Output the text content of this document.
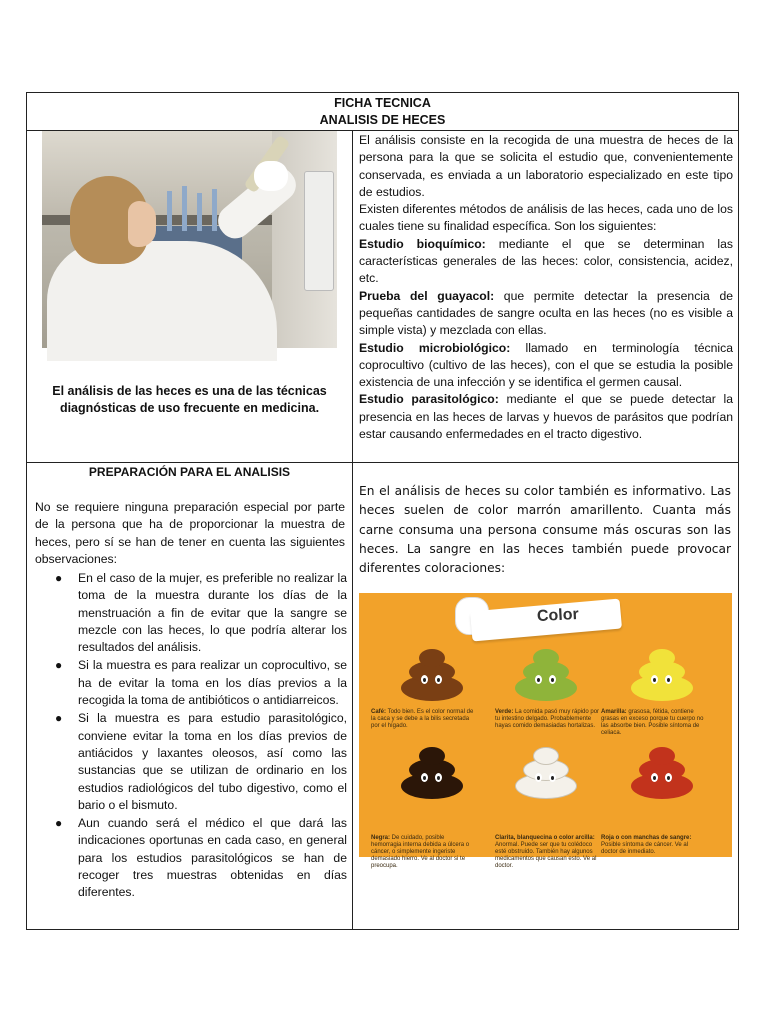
FICHA TECNICA
ANALISIS DE HECES
El análisis de las heces es una de las técnicas diagnósticas de uso frecuente en medicina.

El análisis consiste en la recogida de una muestra de heces de la persona para la que se solicita el estudio que, convenientemente conservada, es enviada a un laboratorio especializado en este tipo de estudios.

Existen diferentes métodos de análisis de las heces, cada uno de los cuales tiene su finalidad específica. Son los siguientes:

Estudio bioquímico: mediante el que se determinan las características generales de las heces: color, consistencia, acidez, etc.

Prueba del guayacol: que permite detectar la presencia de pequeñas cantidades de sangre oculta en las heces (no es visible a simple vista) y mezclada con ellas.

Estudio microbiológico: llamado en terminología técnica coprocultivo (cultivo de las heces), con el que se estudia la posible existencia de una infección y se identifica el germen causal.

Estudio parasitológico: mediante el que se puede detectar la presencia en las heces de larvas y huevos de parásitos que podrían estar causando enfermedades en el tracto digestivo.

PREPARACIÓN PARA EL ANALISIS
No se requiere ninguna preparación especial por parte de la persona que ha de proporcionar la muestra de heces, pero sí se han de tener en cuenta las siguientes observaciones:
● En el caso de la mujer, es preferible no realizar la toma de la muestra durante los días de la menstruación a fin de evitar que la sangre se mezcle con las heces, lo que podría alterar los resultados del análisis.
● Si la muestra es para realizar un coprocultivo, se ha de evitar la toma en los días previos a la recogida la toma de antibióticos o antidiarreicos.
● Si la muestra es para estudio parasitológico, conviene evitar la toma en los días previos de antiácidos y laxantes oleosos, así como las sustancias que se utilizan de ordinario en los estudios radiológicos del tubo digestivo, como el bario o el bismuto.
● Aun cuando será el médico el que dará las indicaciones oportunas en cada caso, en general para los estudios parasitológicos se han de recoger tres muestras obtenidas en días diferentes.
En el análisis de heces su color también es informativo. Las heces suelen de color marrón amarillento. Cuanta más carne consuma una persona consume más oscuras son las heces. La sangre en las heces también puede provocar diferentes coloraciones:
Color
Café: Todo bien. Es el color normal de la caca y se debe a la bilis secretada por el hígado.
Verde: La comida pasó muy rápido por tu intestino delgado. Probablemente hayas comido demasiadas hortalizas.
Amarilla: grasosa, fétida, contiene grasas en exceso porque tu cuerpo no las absorbe bien. Posible síntoma de celiaca.
Negra: De cuidado, posible hemorragia interna debida a úlcera o cáncer, o simplemente ingeriste demasiado hierro. Ve al doctor si te preocupa.
Clarita, blanquecina o color arcilla: Anormal. Puede ser que tu colédoco esté obstruido. También hay algunos medicamentos que causan esto. Ve al doctor.
Roja o con manchas de sangre: Posible síntoma de cáncer. Ve al doctor de inmediato.
